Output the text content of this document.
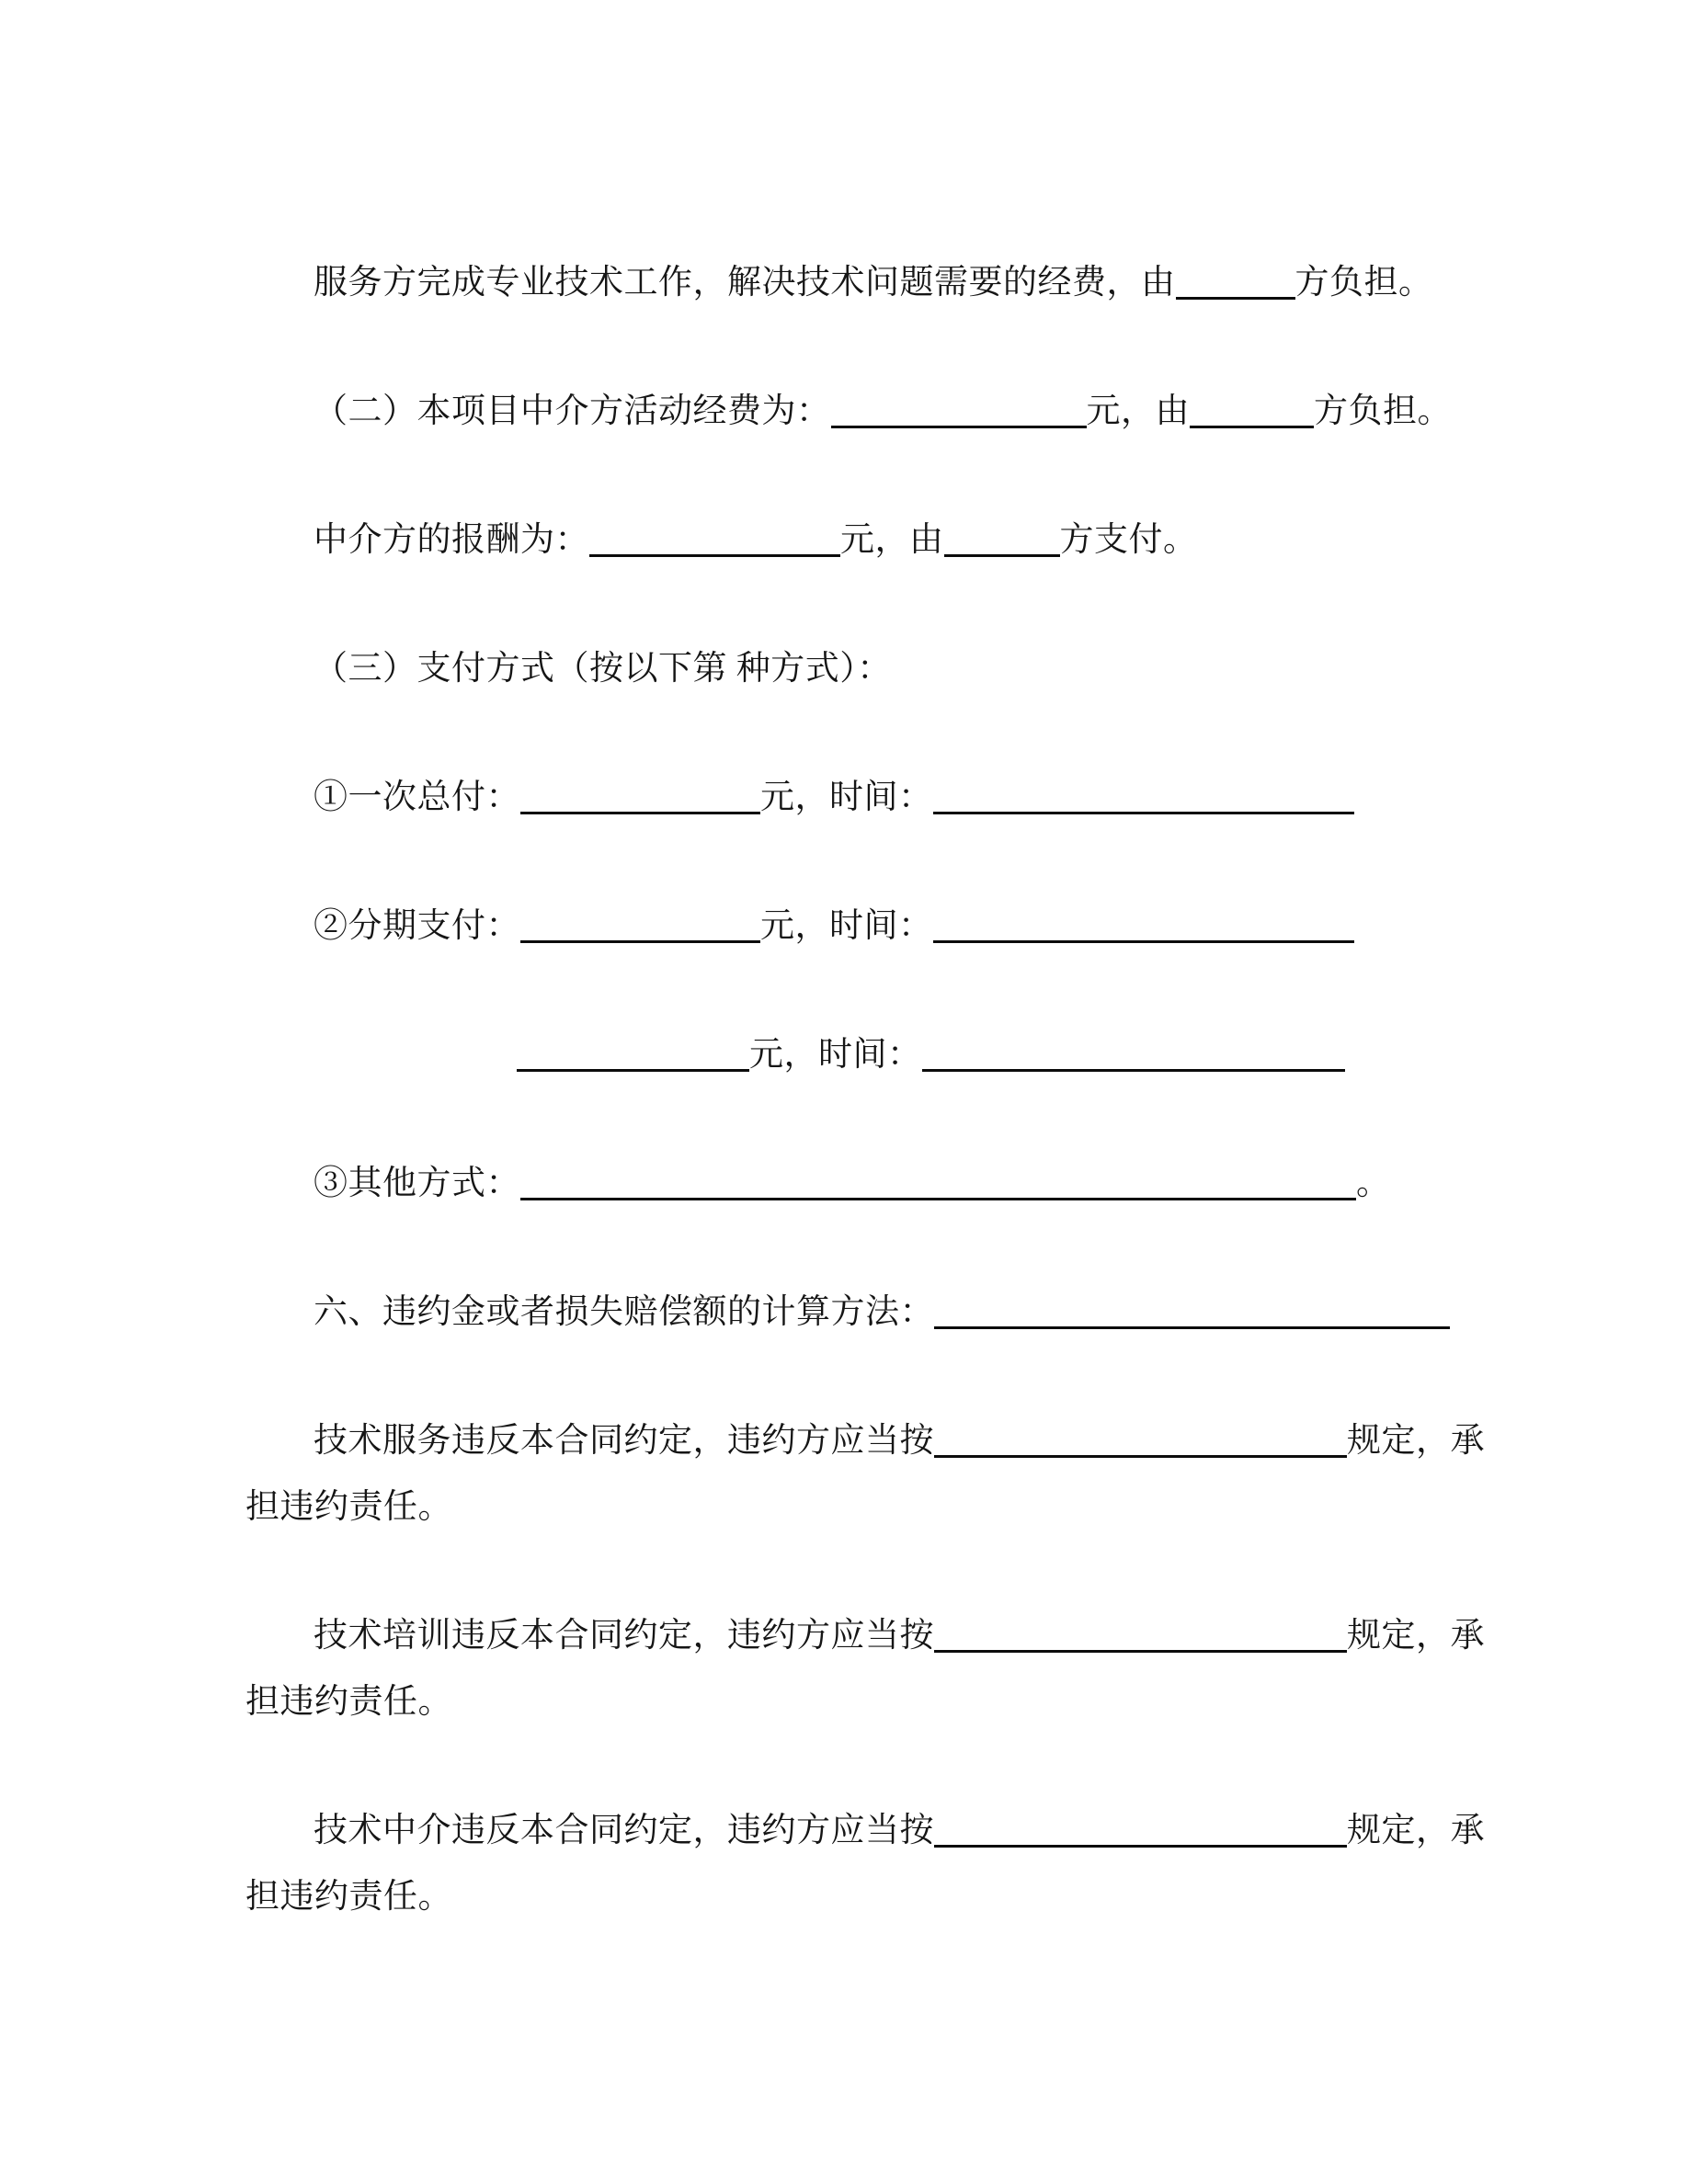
服务方完成专业技术工作，解决技术问题需要的经费，由	方负担。

（二）本项目中介方活动经费为：	元，由	方负担。

中介方的报酬为：	元，由	方支付。

（三）支付方式（按以下第 种方式）：

①一次总付：	元，时间：

②分期支付：	元，时间：

元，时间：

③其他方式：	。

六、违约金或者损失赔偿额的计算方法：

技术服务违反本合同约定，违约方应当按	规定，承

担违约责任。

技术培训违反本合同约定，违约方应当按	规定，承

担违约责任。

技术中介违反本合同约定，违约方应当按	规定，承

担违约责任。
